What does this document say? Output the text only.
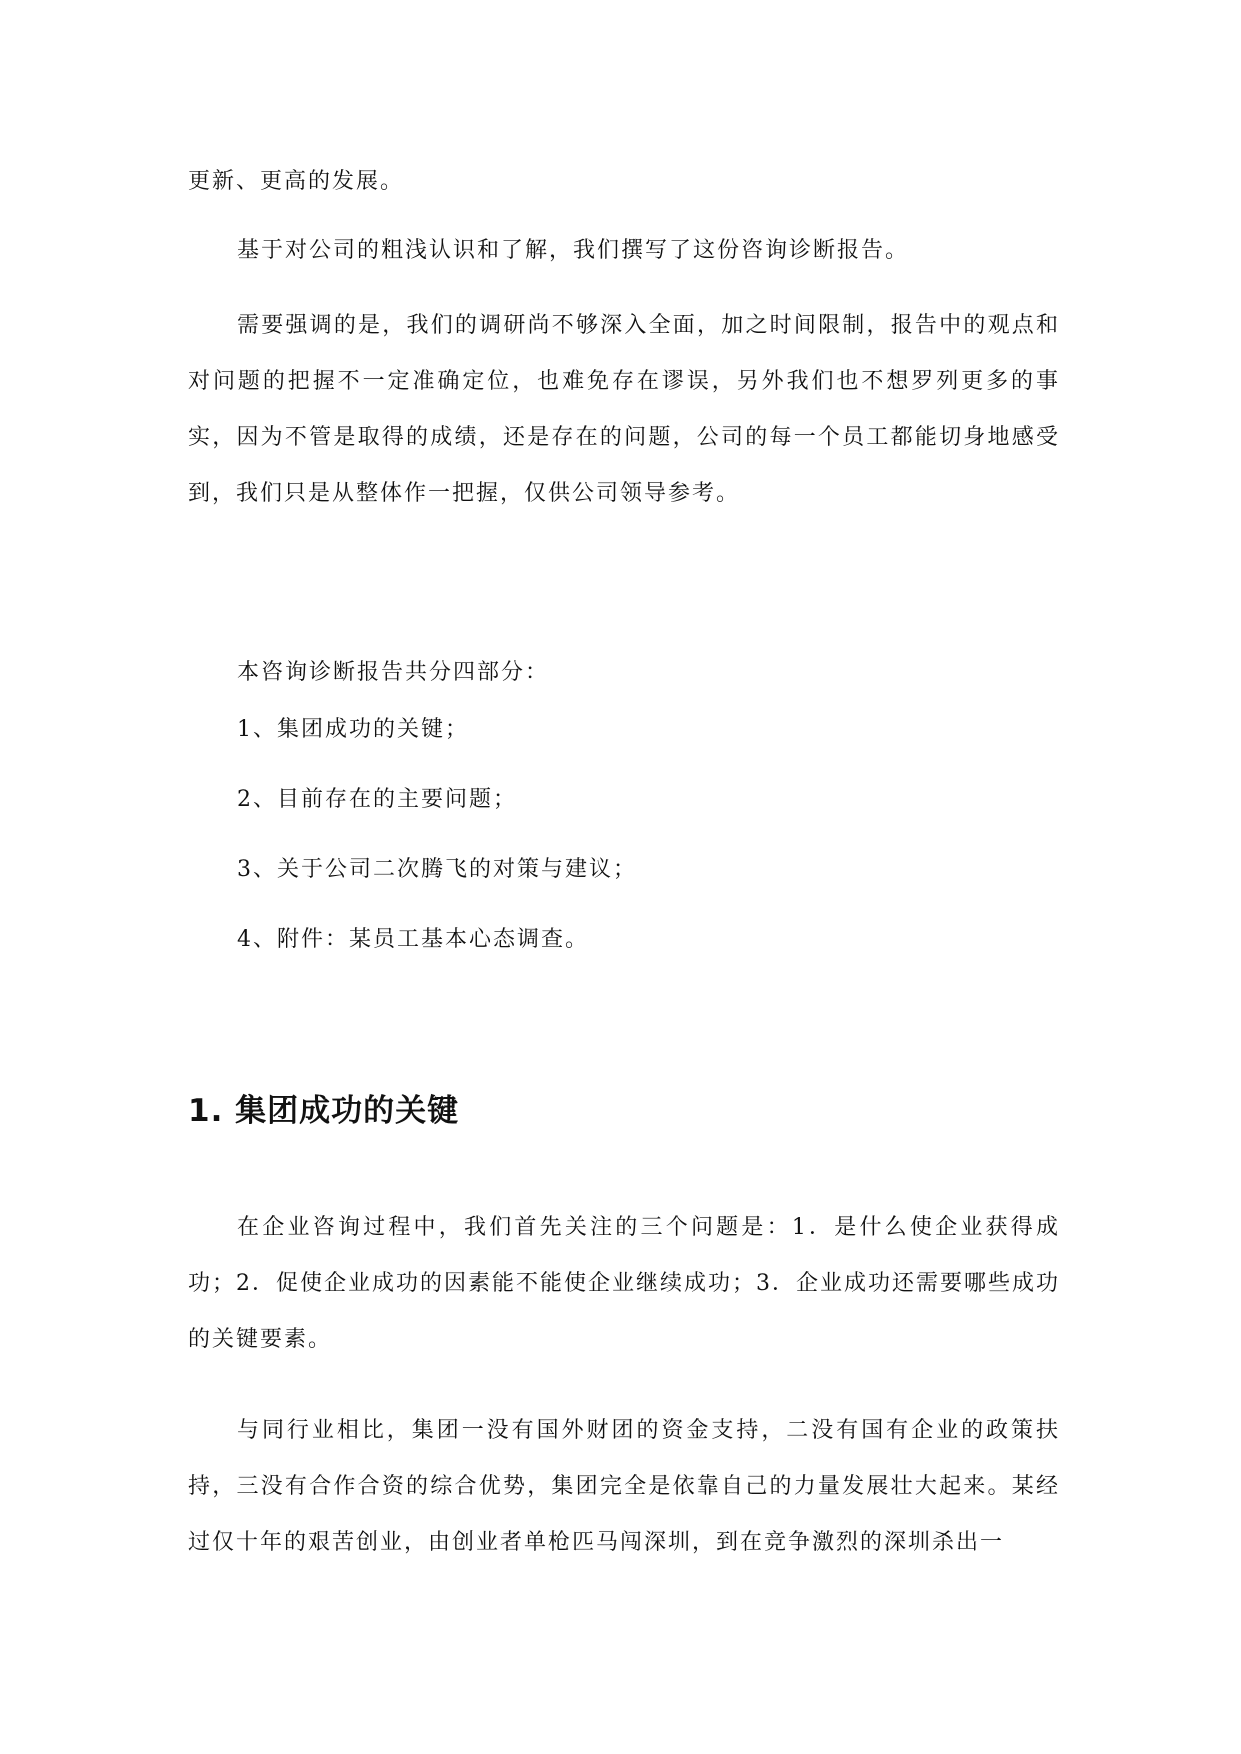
更新、更高的发展。

基于对公司的粗浅认识和了解，我们撰写了这份咨询诊断报告。

需要强调的是，我们的调研尚不够深入全面，加之时间限制，报告中的观点和对问题的把握不一定准确定位，也难免存在谬误，另外我们也不想罗列更多的事实，因为不管是取得的成绩，还是存在的问题，公司的每一个员工都能切身地感受到，我们只是从整体作一把握，仅供公司领导参考。

本咨询诊断报告共分四部分：

1、集团成功的关键；

2、目前存在的主要问题；

3、关于公司二次腾飞的对策与建议；

4、附件：某员工基本心态调查。

1. 集团成功的关键

在企业咨询过程中，我们首先关注的三个问题是：1．是什么使企业获得成功；2．促使企业成功的因素能不能使企业继续成功；3．企业成功还需要哪些成功的关键要素。

与同行业相比，集团一没有国外财团的资金支持，二没有国有企业的政策扶持，三没有合作合资的综合优势，集团完全是依靠自己的力量发展壮大起来。某经过仅十年的艰苦创业，由创业者单枪匹马闯深圳，到在竞争激烈的深圳杀出一
